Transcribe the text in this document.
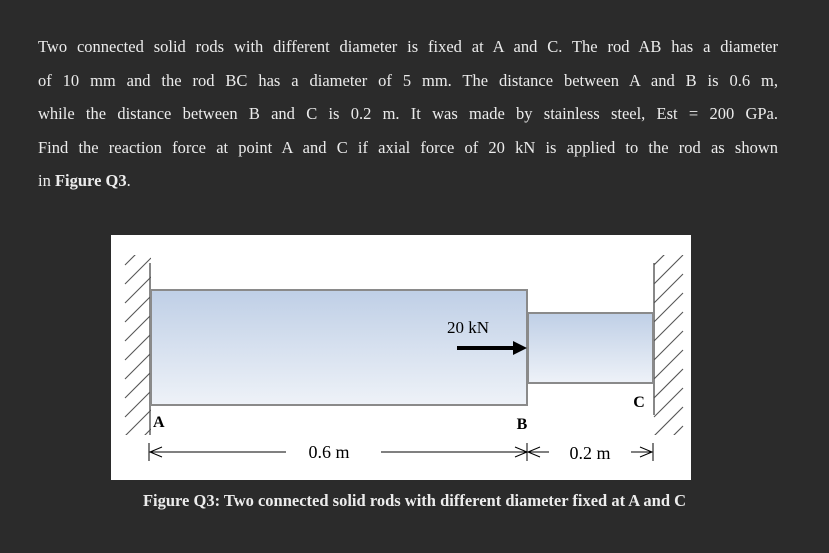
Two connected solid rods with different diameter is fixed at A and C. The rod AB has a diameter

of 10 mm and the rod BC has a diameter of 5 mm. The distance between A and B is 0.6 m,

while the distance between B and C is 0.2 m. It was made by stainless steel, Est = 200 GPa.

Find the reaction force at point A and C if axial force of 20 kN is applied to the rod as shown

in Figure Q3.

20 kN
A	B
C
0.6 m	0.2 m
Figure Q3: Two connected solid rods with different diameter fixed at A and C
